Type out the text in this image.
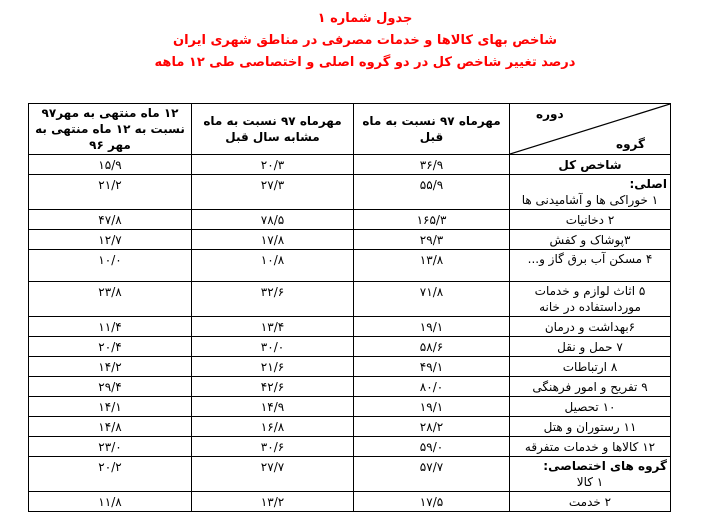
جدول شماره ۱
شاخص بهای کالاها و خدمات مصرفی در مناطق شهری ایران
درصد تغییر شاخص کل در دو گروه اصلی و اختصاصی طی ۱۲ ماهه
دوره
گروه	مهرماه ۹۷ نسبت به ماه قبل	مهرماه ۹۷ نسبت به ماه مشابه سال قبل	۱۲ ماه منتهی به مهر۹۷ نسبت به ۱۲ ماه منتهی به مهر ۹۶

شاخص کل	۳۶/۹	۲۰/۳	۱۵/۹

اصلی:
۱ خوراکی ها و آشامیدنی ها	۵۵/۹	۲۷/۳	۲۱/۲

۲ دخانیات	۱۶۵/۳	۷۸/۵	۴۷/۸

۳پوشاک و کفش	۲۹/۳	۱۷/۸	۱۲/۷

۴ مسکن آب برق گاز و...	۱۳/۸	۱۰/۸	۱۰/۰

۵ اثاث لوازم و خدمات مورداستفاده در خانه	۷۱/۸	۳۲/۶	۲۳/۸

۶بهداشت و درمان	۱۹/۱	۱۳/۴	۱۱/۴

۷ حمل و نقل	۵۸/۶	۳۰/۰	۲۰/۴

۸ ارتباطات	۴۹/۱	۲۱/۶	۱۴/۲

۹ تفریح و امور فرهنگی	۸۰/۰	۴۲/۶	۲۹/۴

۱۰ تحصیل	۱۹/۱	۱۴/۹	۱۴/۱

۱۱ رستوران و هتل	۲۸/۲	۱۶/۸	۱۴/۸

۱۲ کالاها و خدمات متفرقه	۵۹/۰	۳۰/۶	۲۳/۰

گروه های اختصاصی:
۱ کالا	۵۷/۷	۲۷/۷	۲۰/۲

۲ خدمت	۱۷/۵	۱۳/۲	۱۱/۸
